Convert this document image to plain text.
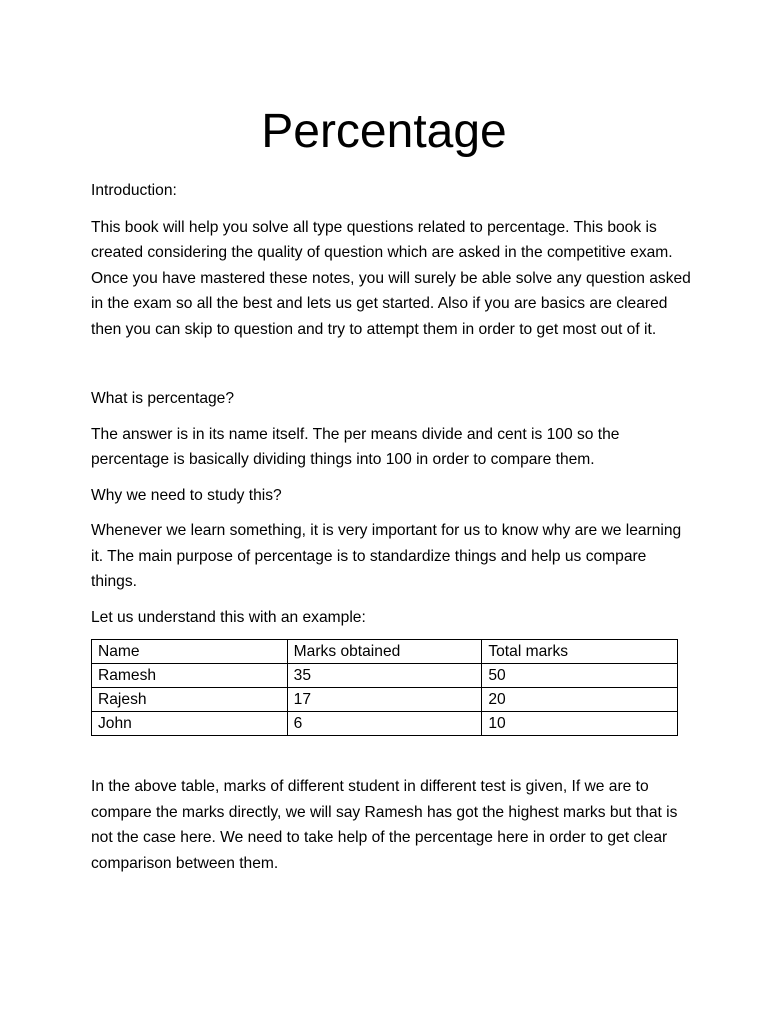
Percentage

Introduction:

This book will help you solve all type questions related to percentage. This book is created considering the quality of question which are asked in the competitive exam. Once you have mastered these notes, you will surely be able solve any question asked in the exam so all the best and lets us get started. Also if you are basics are cleared then you can skip to question and try to attempt them in order to get most out of it.

What is percentage?

The answer is in its name itself. The per means divide and cent is 100 so the percentage is basically dividing things into 100 in order to compare them.

Why we need to study this?

Whenever we learn something, it is very important for us to know why are we learning it. The main purpose of percentage is to standardize things and help us compare things.

Let us understand this with an example:

Name	Marks obtained	Total marks
Ramesh	35	50
Rajesh	17	20
John	6	10

In the above table, marks of different student in different test is given, If we are to compare the marks directly, we will say Ramesh has got the highest marks but that is not the case here. We need to take help of the percentage here in order to get clear comparison between them.
